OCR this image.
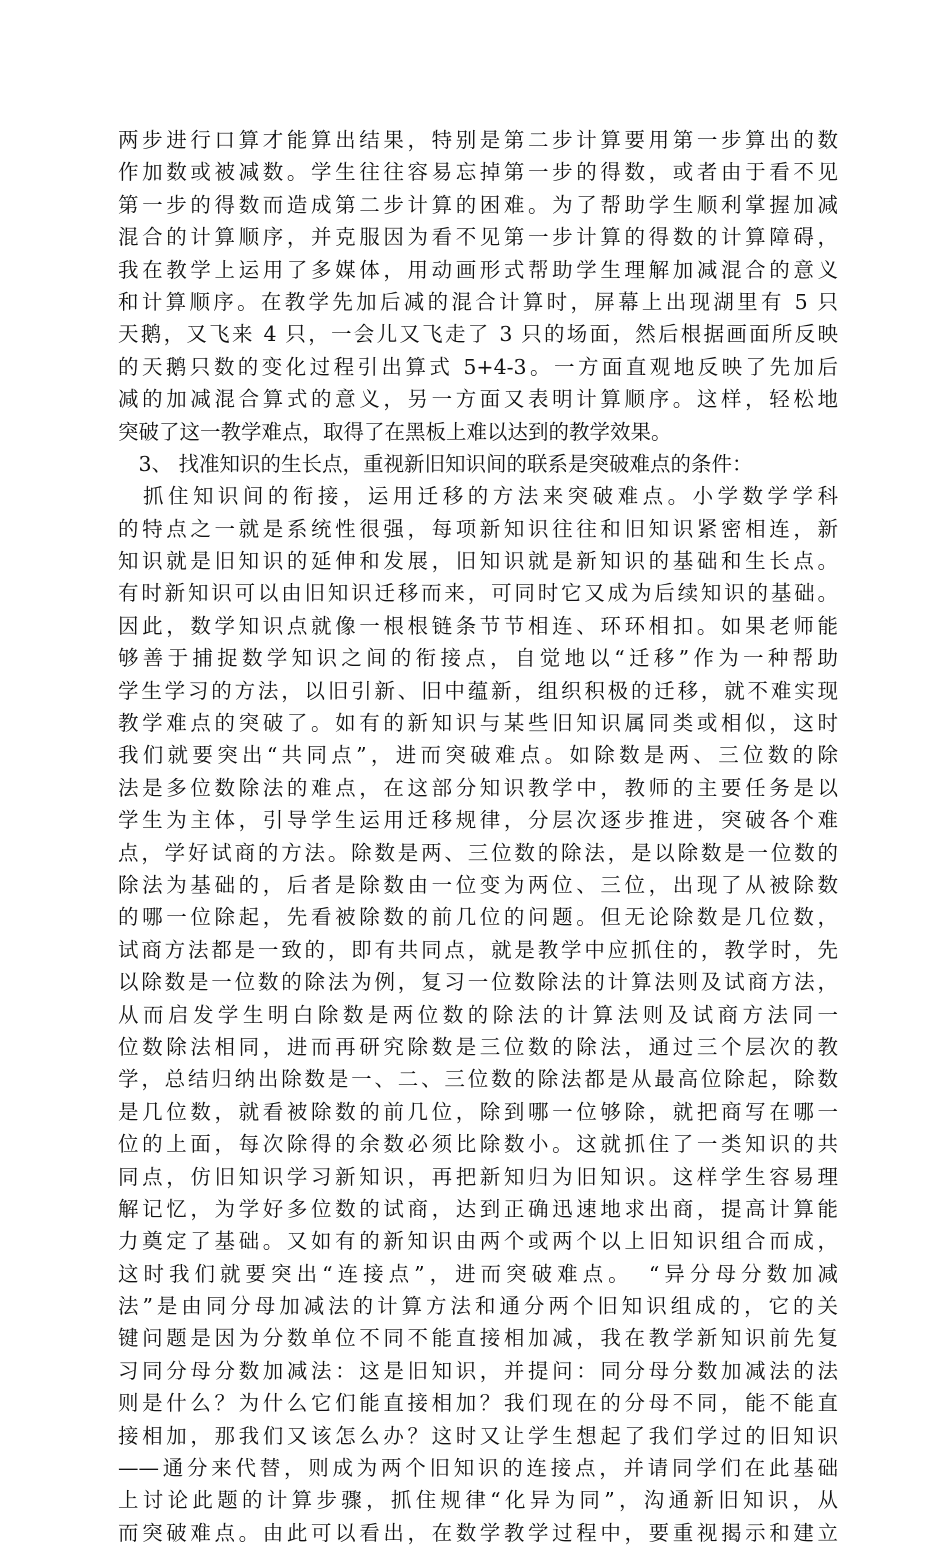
两步进行口算才能算出结果，特别是第二步计算要用第一步算出的数
作加数或被减数。学生往往容易忘掉第一步的得数，或者由于看不见
第一步的得数而造成第二步计算的困难。为了帮助学生顺利掌握加减
混合的计算顺序，并克服因为看不见第一步计算的得数的计算障碍，
我在教学上运用了多媒体，用动画形式帮助学生理解加减混合的意义
和计算顺序。在教学先加后减的混合计算时，屏幕上出现湖里有 5 只
天鹅，又飞来 4 只，一会儿又飞走了 3 只的场面，然后根据画面所反映
的天鹅只数的变化过程引出算式 5+4-3。一方面直观地反映了先加后
减的加减混合算式的意义，另一方面又表明计算顺序。这样，轻松地
突破了这一教学难点，取得了在黑板上难以达到的教学效果。
　3、 找准知识的生长点，重视新旧知识间的联系是突破难点的条件：
　抓住知识间的衔接，运用迁移的方法来突破难点。小学数学学科
的特点之一就是系统性很强，每项新知识往往和旧知识紧密相连，新
知识就是旧知识的延伸和发展，旧知识就是新知识的基础和生长点。
有时新知识可以由旧知识迁移而来，可同时它又成为后续知识的基础。
因此，数学知识点就像一根根链条节节相连、环环相扣。如果老师能
够善于捕捉数学知识之间的衔接点，自觉地以“迁移”作为一种帮助
学生学习的方法，以旧引新、旧中蕴新，组织积极的迁移，就不难实现
教学难点的突破了。如有的新知识与某些旧知识属同类或相似，这时
我们就要突出“共同点”，进而突破难点。如除数是两、三位数的除
法是多位数除法的难点，在这部分知识教学中，教师的主要任务是以
学生为主体，引导学生运用迁移规律，分层次逐步推进，突破各个难
点，学好试商的方法。除数是两、三位数的除法，是以除数是一位数的
除法为基础的，后者是除数由一位变为两位、三位，出现了从被除数
的哪一位除起，先看被除数的前几位的问题。但无论除数是几位数，
试商方法都是一致的，即有共同点，就是教学中应抓住的，教学时，先
以除数是一位数的除法为例，复习一位数除法的计算法则及试商方法，
从而启发学生明白除数是两位数的除法的计算法则及试商方法同一
位数除法相同，进而再研究除数是三位数的除法，通过三个层次的教
学，总结归纳出除数是一、二、三位数的除法都是从最高位除起，除数
是几位数，就看被除数的前几位，除到哪一位够除，就把商写在哪一
位的上面，每次除得的余数必须比除数小。这就抓住了一类知识的共
同点，仿旧知识学习新知识，再把新知归为旧知识。这样学生容易理
解记忆，为学好多位数的试商，达到正确迅速地求出商，提高计算能
力奠定了基础。又如有的新知识由两个或两个以上旧知识组合而成，
这时我们就要突出“连接点”，进而突破难点。　“异分母分数加减
法”是由同分母加减法的计算方法和通分两个旧知识组成的，它的关
键问题是因为分数单位不同不能直接相加减，我在教学新知识前先复
习同分母分数加减法：这是旧知识，并提问：同分母分数加减法的法
则是什么？为什么它们能直接相加？我们现在的分母不同，能不能直
接相加，那我们又该怎么办？这时又让学生想起了我们学过的旧知识
——通分来代替，则成为两个旧知识的连接点，并请同学们在此基础
上讨论此题的计算步骤，抓住规律“化异为同”，沟通新旧知识，从
而突破难点。由此可以看出，在数学教学过程中，要重视揭示和建立
